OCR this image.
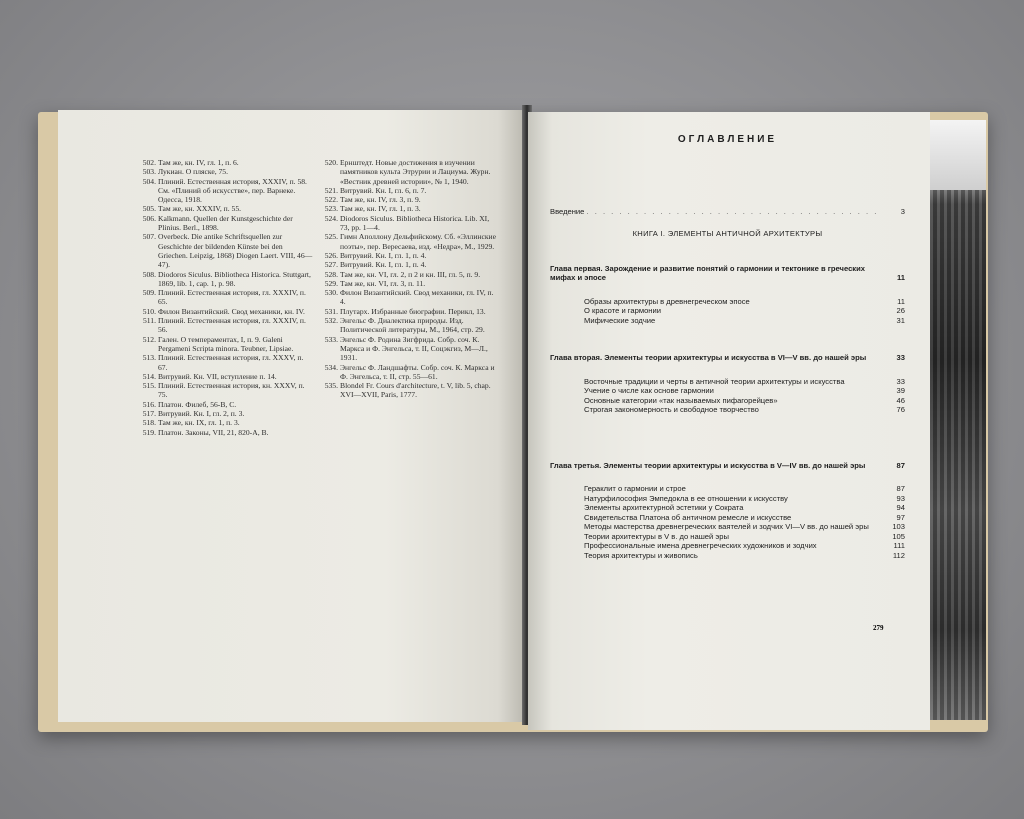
502. Там же, кн. IV, гл. 1, п. 6.
503. Лукиан. О пляске, 75.
504. Плиний. Естественная история, XXXIV, п. 58. См. «Плиний об искусстве», пер. Варнеке. Одесса, 1918.
505. Там же, кн. XXXIV, п. 55.
506. Kalkmann. Quellen der Kunstgeschichte der Plinius. Berl., 1898.
507. Overbeck. Die antike Schriftsquellen zur Geschichte der bildenden Künste bei den Griechen. Leipzig, 1868) Diogen Laert. VIII, 46—47).
508. Diodoros Siculus. Bibliotheca Historica. Stuttgart, 1869, lib. 1, cap. 1, p. 98.
509. Плиний. Естественная история, гл. XXXIV, п. 65.
510. Филон Византийский. Свод механики, кн. IV.
511. Плиний. Естественная история, гл. XXXIV, п. 56.
512. Гален. О темпераментах, I, п. 9. Galeni Pergameni Scripta minora. Teubner, Lipsiae.
513. Плиний. Естественная история, гл. XXXV, п. 67.
514. Витрувий. Кн. VII, вступление п. 14.
515. Плиний. Естественная история, кн. XXXV, п. 75.
516. Платон. Филеб, 56-В, С.
517. Витрувий. Кн. I, гл. 2, п. 3.
518. Там же, кн. IX, гл. 1, п. 3.
519. Платон. Законы, VII, 21, 820-А, В.
520. Ернштедт. Новые достижения в изучении памятников культа Этрурии и Лациума. Журн. «Вестник древней истории», № 1, 1940.
521. Витрувий. Кн. I, гл. 6, п. 7.
522. Там же, кн. IV, гл. 3, п. 9.
523. Там же, кн. IV, гл. 1, п. 3.
524. Diodoros Siculus. Bibliotheca Historica. Lib. XI, 73, pp. 1—4.
525. Гимн Аполлону Дельфийскому. Сб. «Эллинские поэты», пер. Вересаева, изд. «Недра», М., 1929.
526. Витрувий. Кн. I, гл. 1, п. 4.
527. Витрувий. Кн. I, гл. 1, п. 4.
528. Там же, кн. VI, гл. 2, п 2 и кн. III, гл. 5, п. 9.
529. Там же, кн. VI, гл. 3, п. 11.
530. Филон Византийский. Свод механики, гл. IV, п. 4.
531. Плутарх. Избранные биографии. Перикл, 13.
532. Энгельс Ф. Диалектика природы. Изд. Политической литературы, М., 1964, стр. 29.
533. Энгельс Ф. Родина Зигфрида. Собр. соч. К. Маркса и Ф. Энгельса, т. II, Соцэкгиз, М—Л., 1931.
534. Энгельс Ф. Ландшафты. Собр. соч. К. Маркса и Ф. Энгельса, т. II, стр. 55—61.
535. Blondel Fr. Cours d'architecture, t. V, lib. 5, chap. XVI—XVII, Paris, 1777.
ОГЛАВЛЕНИЕ
Введение . . . . . . . . . . . . . . . . . . . . . . . . . . . . . . . . . . . .	3
КНИГА I. ЭЛЕМЕНТЫ АНТИЧНОЙ АРХИТЕКТУРЫ
Глава первая. Зарождение и развитие понятий о гармонии и тектонике в греческих мифах и эпосе	11
Образы архитектуры в древнегреческом эпосе	11
О красоте и гармонии	26
Мифические зодчие	31
Глава вторая. Элементы теории архитектуры и искусства в VI—V вв. до нашей эры	33
Восточные традиции и черты в античной теории архитектуры и искусства	33
Учение о числе как основе гармонии	39
Основные категории «так называемых пифагорейцев»	46
Строгая закономерность и свободное творчество	76
Глава третья. Элементы теории архитектуры и искусства в V—IV вв. до нашей эры	87
Гераклит о гармонии и строе	87
Натурфилософия Эмпедокла в ее отношении к искусству	93
Элементы архитектурной эстетики у Сократа	94
Свидетельства Платона об античном ремесле и искусстве	97
Методы мастерства древнегреческих ваятелей и зодчих VI—V вв. до нашей эры	103
Теории архитектуры в V в. до нашей эры	105
Профессиональные имена древнегреческих художников и зодчих	111
Теория архитектуры и живопись	112
279
